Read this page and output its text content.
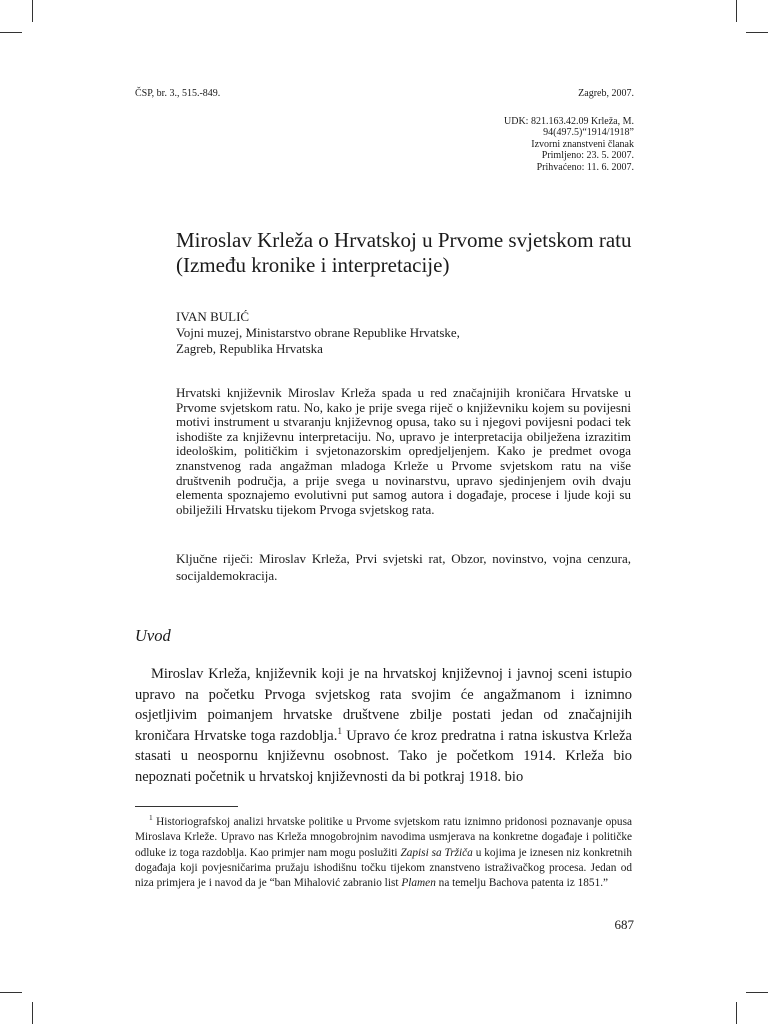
ČSP, br. 3., 515.-849.	Zagreb, 2007.
UDK: 821.163.42.09 Krleža, M.
94(497.5)“1914/1918”
Izvorni znanstveni članak
Primljeno: 23. 5. 2007.
Prihvaćeno: 11. 6. 2007.
Miroslav Krleža o Hrvatskoj u Prvome svjetskom ratu
(Između kronike i interpretacije)
IVAN BULIĆ
Vojni muzej, Ministarstvo obrane Republike Hrvatske,
Zagreb, Republika Hrvatska

Hrvatski književnik Miroslav Krleža spada u red značajnijih kroničara Hrvatske u Prvome svjetskom ratu. No, kako je prije svega riječ o književniku kojem su povijesni motivi instrument u stvaranju književnog opusa, tako su i njegovi povijesni podaci tek ishodište za književnu interpretaciju. No, upravo je interpretacija obilježena izrazitim ideološkim, političkim i svjetonazorskim opredjeljenjem. Kako je predmet ovoga znanstvenog rada angažman mladoga Krleže u Prvome svjetskom ratu na više društvenih područja, a prije svega u novinarstvu, upravo sjedinjenjem ovih dvaju elementa spoznajemo evolutivni put samog autora i događaje, procese i ljude koji su obilježili Hrvatsku tijekom Prvoga svjetskog rata.

Ključne riječi: Miroslav Krleža, Prvi svjetski rat, Obzor, novinstvo, vojna cenzura, socijaldemokracija.

Uvod

Miroslav Krleža, književnik koji je na hrvatskoj književnoj i javnoj sceni istupio upravo na početku Prvoga svjetskog rata svojim će angažmanom i iznimno osjetljivim poimanjem hrvatske društvene zbilje postati jedan od značajnijih kroničara Hrvatske toga razdoblja.$^1$ Upravo će kroz predratna i ratna iskustva Krleža stasati u neospornu književnu osobnost. Tako je početkom 1914. Krleža bio nepoznati početnik u hrvatskoj književnosti da bi potkraj 1918. bio

$^1$ Historiografskoj analizi hrvatske politike u Prvome svjetskom ratu iznimno pridonosi poznavanje opusa Miroslava Krleže. Upravo nas Krleža mnogobrojnim navodima usmjerava na konkretne događaje i političke odluke iz toga razdoblja. Kao primjer nam mogu poslužiti Zapisi sa Tržiča u kojima je iznesen niz konkretnih događaja koji povjesničarima pružaju ishodišnu točku tijekom znanstveno istraživačkog procesa. Jedan od niza primjera je i navod da je “ban Mihalović zabranio list Plamen na temelju Bachova patenta iz 1851.”

687
